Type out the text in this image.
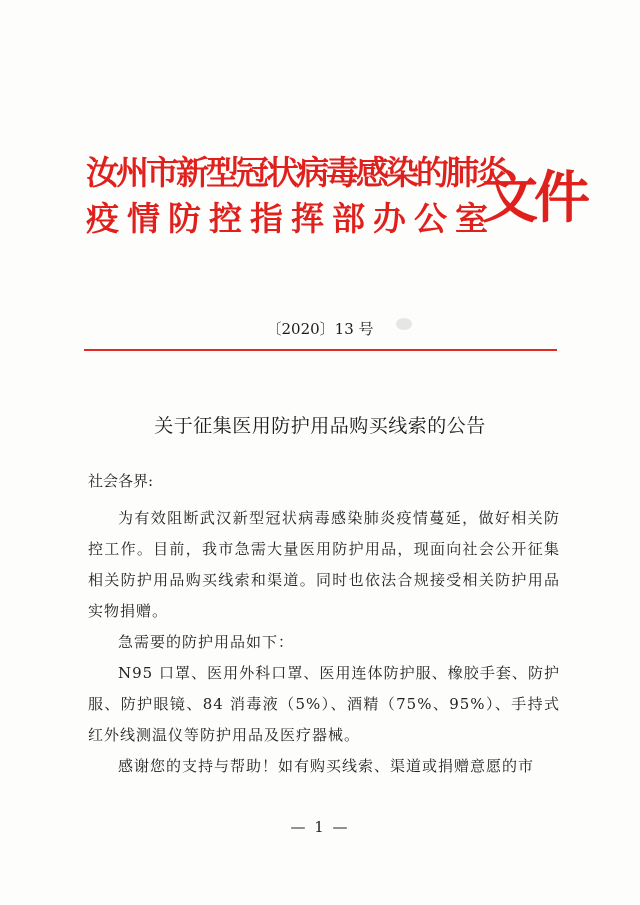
汝州市新型冠状病毒感染的肺炎
疫情防控指挥部办公室
文件
〔2020〕13 号
关于征集医用防护用品购买线索的公告
社会各界:

为有效阻断武汉新型冠状病毒感染肺炎疫情蔓延，做好相关防控工作。目前，我市急需大量医用防护用品，现面向社会公开征集相关防护用品购买线索和渠道。同时也依法合规接受相关防护用品实物捐赠。

急需要的防护用品如下：

N95 口罩、医用外科口罩、医用连体防护服、橡胶手套、防护服、防护眼镜、84 消毒液（5%）、酒精（75%、95%）、手持式红外线测温仪等防护用品及医疗器械。

感谢您的支持与帮助！如有购买线索、渠道或捐赠意愿的市

— 1 —
